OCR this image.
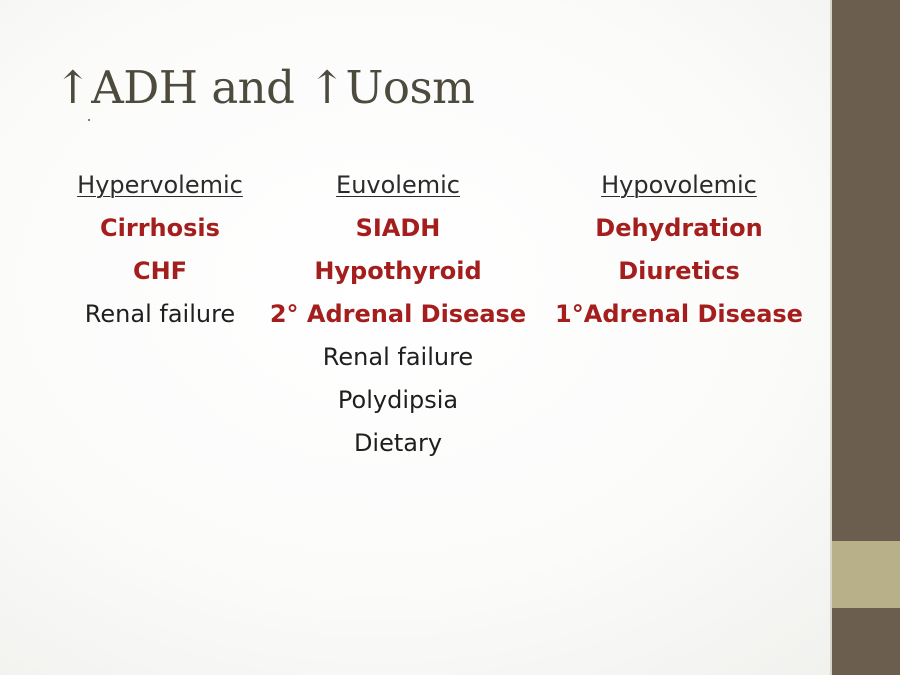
↑ADH and ↑Uosm
Hypervolemic
Cirrhosis
CHF
Renal failure
Euvolemic
SIADH
Hypothyroid
2° Adrenal Disease
Renal failure
Polydipsia
Dietary
Hypovolemic
Dehydration
Diuretics
1°Adrenal Disease
